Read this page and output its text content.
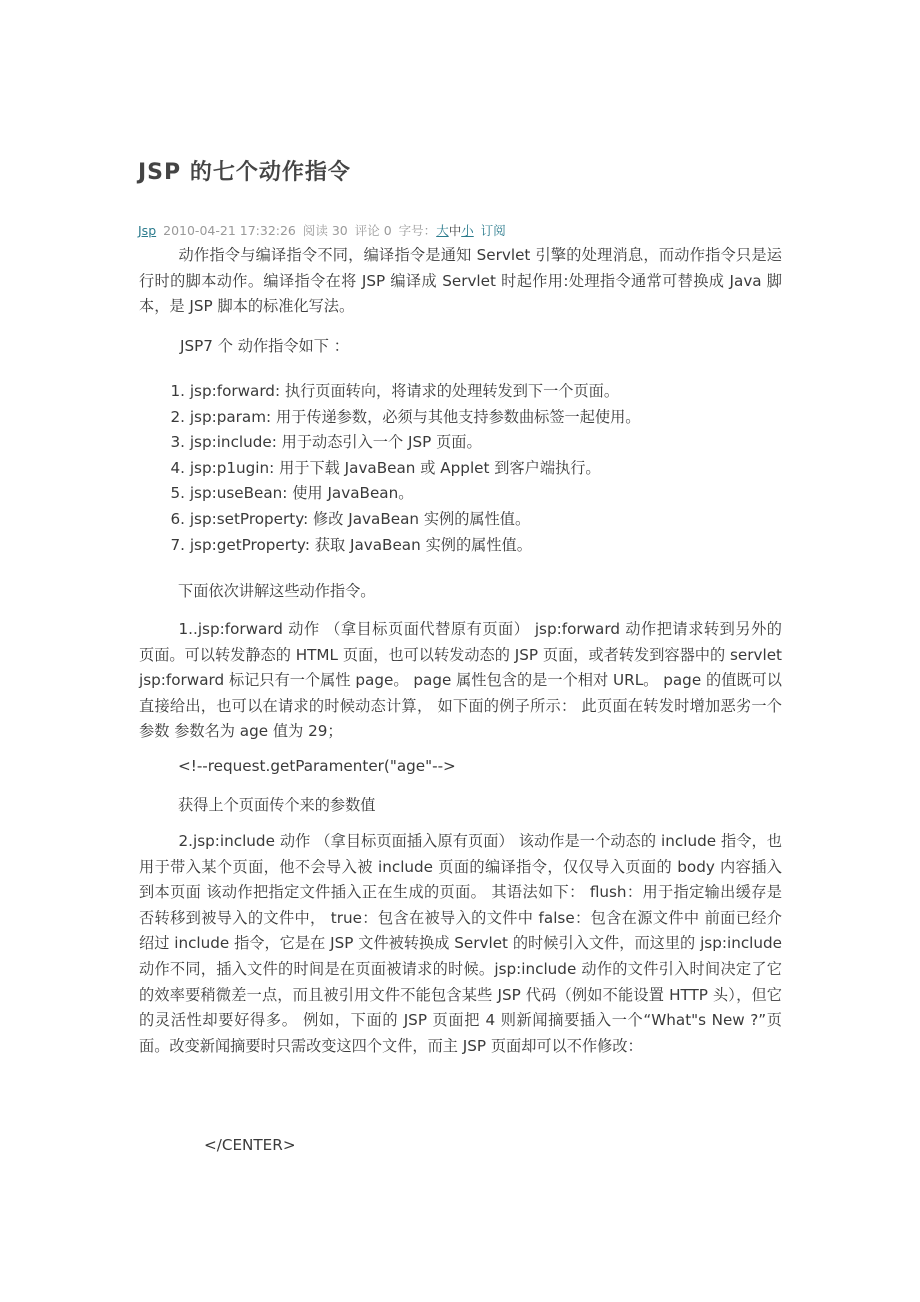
JSP 的七个动作指令
Jsp 2010-04-21 17:32:26 阅读 30 评论 0 字号：大中小 订阅
动作指令与编译指令不同，编译指令是通知 Servlet 引擎的处理消息，而动作指令只是运行时的脚本动作。编译指令在将 JSP 编译成 Servlet 时起作用:处理指令通常可替换成 Java 脚本，是 JSP 脚本的标准化写法。
JSP7 个 动作指令如下 ：
1. jsp:forward: 执行页面转向，将请求的处理转发到下一个页面。
2. jsp:param: 用于传递参数，必须与其他支持参数曲标签一起使用。
3. jsp:include: 用于动态引入一个 JSP 页面。
4. jsp:p1ugin: 用于下载 JavaBean 或 Applet 到客户端执行。
5. jsp:useBean: 使用 JavaBean。
6. jsp:setProperty: 修改 JavaBean 实例的属性值。
7. jsp:getProperty: 获取 JavaBean 实例的属性值。
下面依次讲解这些动作指令。
1..jsp:forward 动作 （拿目标页面代替原有页面） jsp:forward 动作把请求转到另外的页面。可以转发静态的 HTML 页面，也可以转发动态的 JSP 页面，或者转发到容器中的 servlet jsp:forward 标记只有一个属性 page。 page 属性包含的是一个相对 URL。 page 的值既可以直接给出，也可以在请求的时候动态计算， 如下面的例子所示： 此页面在转发时增加恶劣一个参数 参数名为 age 值为 29；
<!--request.getParamenter("age"-->
获得上个页面传个来的参数值
2.jsp:include 动作 （拿目标页面插入原有页面） 该动作是一个动态的 include 指令，也用于带入某个页面，他不会导入被 include 页面的编译指令，仅仅导入页面的 body 内容插入到本页面 该动作把指定文件插入正在生成的页面。 其语法如下： flush：用于指定输出缓存是否转移到被导入的文件中， true：包含在被导入的文件中 false：包含在源文件中 前面已经介绍过 include 指令，它是在 JSP 文件被转换成 Servlet 的时候引入文件，而这里的 jsp:include 动作不同，插入文件的时间是在页面被请求的时候。jsp:include 动作的文件引入时间决定了它的效率要稍微差一点，而且被引用文件不能包含某些 JSP 代码（例如不能设置 HTTP 头），但它的灵活性却要好得多。 例如，下面的 JSP 页面把 4 则新闻摘要插入一个“What"s New ?”页面。改变新闻摘要时只需改变这四个文件，而主 JSP 页面却可以不作修改：
</CENTER>
